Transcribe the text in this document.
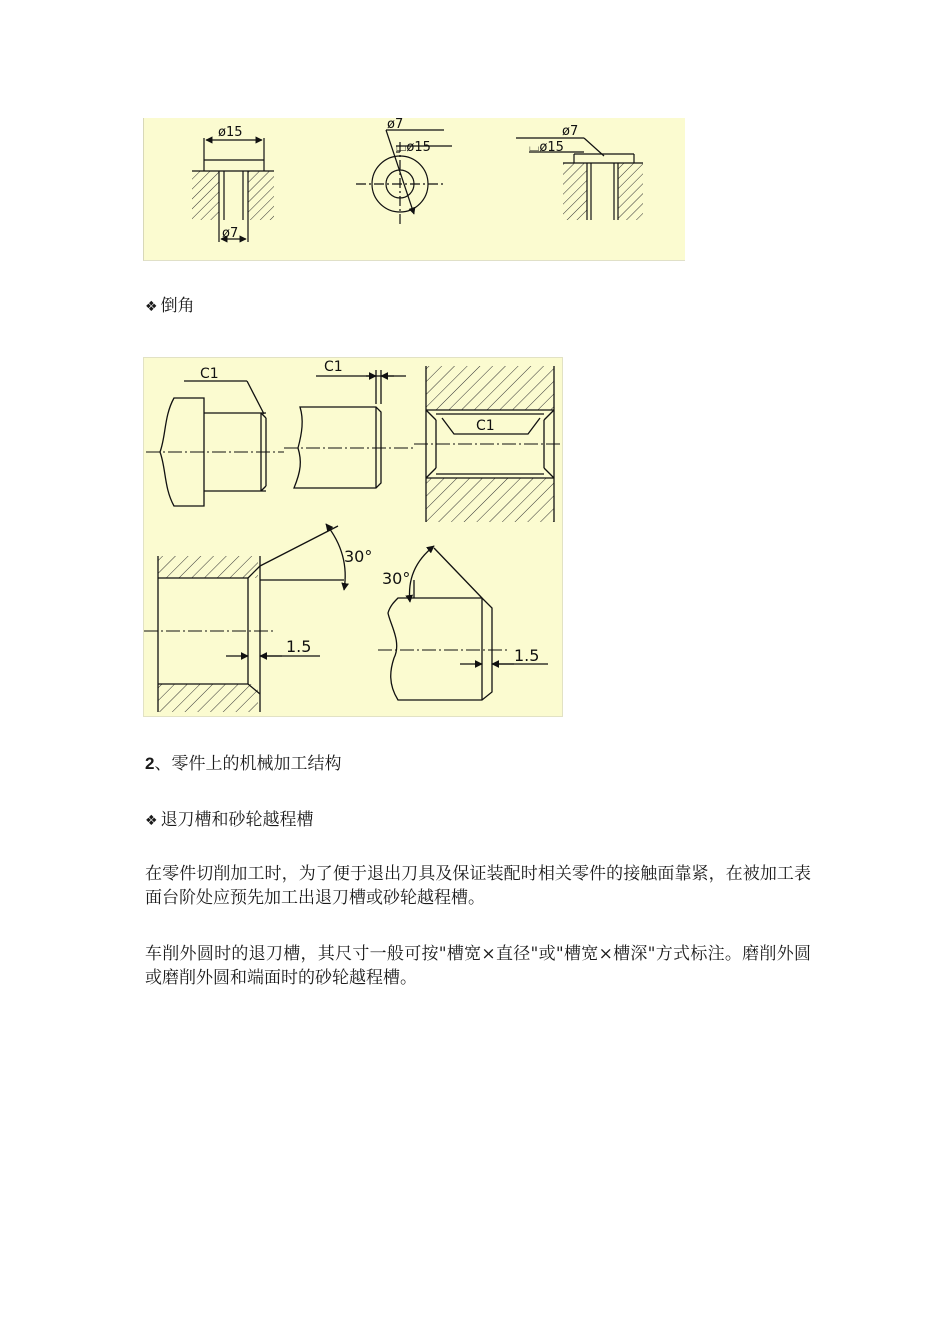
ø15
ø7
ø7
⌴ø15
ø7
⌴ø15
❖ 倒角
C1	C1
C1
30°
1.5
30°
1.5
2、零件上的机械加工结构
❖ 退刀槽和砂轮越程槽
在零件切削加工时，为了便于退出刀具及保证装配时相关零件的接触面靠紧，在被加工表面台阶处应预先加工出退刀槽或砂轮越程槽。
车削外圆时的退刀槽，其尺寸一般可按"槽宽×直径"或"槽宽×槽深"方式标注。磨削外圆或磨削外圆和端面时的砂轮越程槽。
